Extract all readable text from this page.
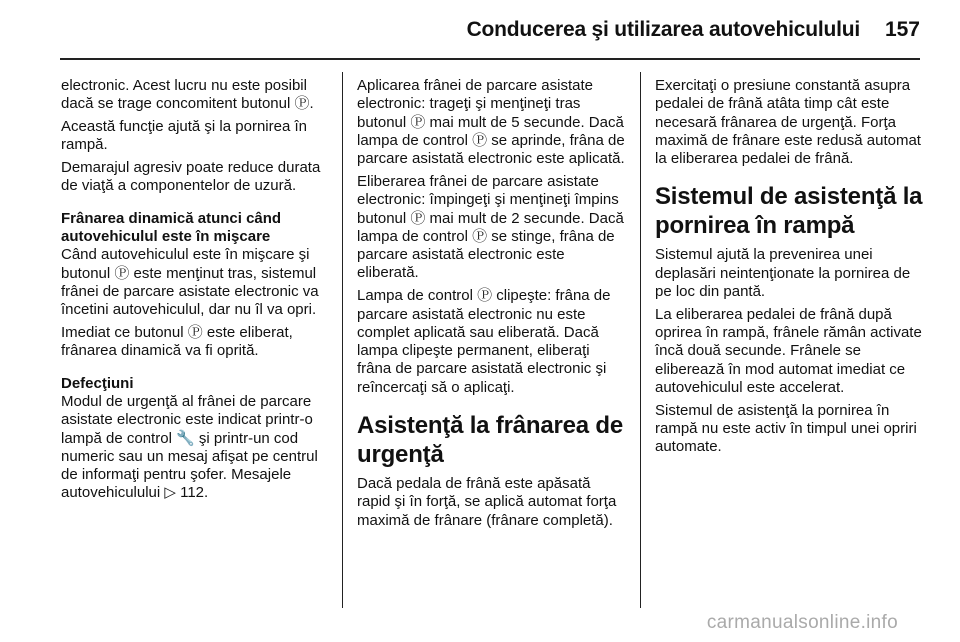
Conducerea şi utilizarea autovehiculului 157

electronic. Acest lucru nu este posibil dacă se trage concomitent butonul Ⓟ.

Această funcţie ajută şi la pornirea în rampă.

Demarajul agresiv poate reduce durata de viaţă a componentelor de uzură.

Frânarea dinamică atunci când autovehiculul este în mişcare

Când autovehiculul este în mişcare şi butonul Ⓟ este menţinut tras, sistemul frânei de parcare asistate electronic va încetini autovehiculul, dar nu îl va opri.

Imediat ce butonul Ⓟ este eliberat, frânarea dinamică va fi oprită.

Defecţiuni

Modul de urgenţă al frânei de parcare asistate electronic este indicat printr-o lampă de control 🔧 şi printr-un cod numeric sau un mesaj afişat pe centrul de informaţi pentru şofer. Mesajele autovehiculului ▷ 112.

Aplicarea frânei de parcare asistate electronic: trageţi şi menţineţi tras butonul Ⓟ mai mult de 5 secunde. Dacă lampa de control Ⓟ se aprinde, frâna de parcare asistată electronic este aplicată.

Eliberarea frânei de parcare asistate electronic: împingeţi şi menţineţi împins butonul Ⓟ mai mult de 2 secunde. Dacă lampa de control Ⓟ se stinge, frâna de parcare asistată electronic este eliberată.

Lampa de control Ⓟ clipeşte: frâna de parcare asistată electronic nu este complet aplicată sau eliberată. Dacă lampa clipeşte permanent, eliberaţi frâna de parcare asistată electronic şi reîncercaţi să o aplicaţi.

Asistenţă la frânarea de urgenţă

Dacă pedala de frână este apăsată rapid şi în forţă, se aplică automat forţa maximă de frânare (frânare completă).

Exercitaţi o presiune constantă asupra pedalei de frână atâta timp cât este necesară frânarea de urgenţă. Forţa maximă de frânare este redusă automat la eliberarea pedalei de frână.

Sistemul de asistenţă la pornirea în rampă

Sistemul ajută la prevenirea unei deplasări neintenţionate la pornirea de pe loc din pantă.

La eliberarea pedalei de frână după oprirea în rampă, frânele rămân activate încă două secunde. Frânele se eliberează în mod automat imediat ce autovehiculul este accelerat.

Sistemul de asistenţă la pornirea în rampă nu este activ în timpul unei opriri automate.

carmanualsonline.info
